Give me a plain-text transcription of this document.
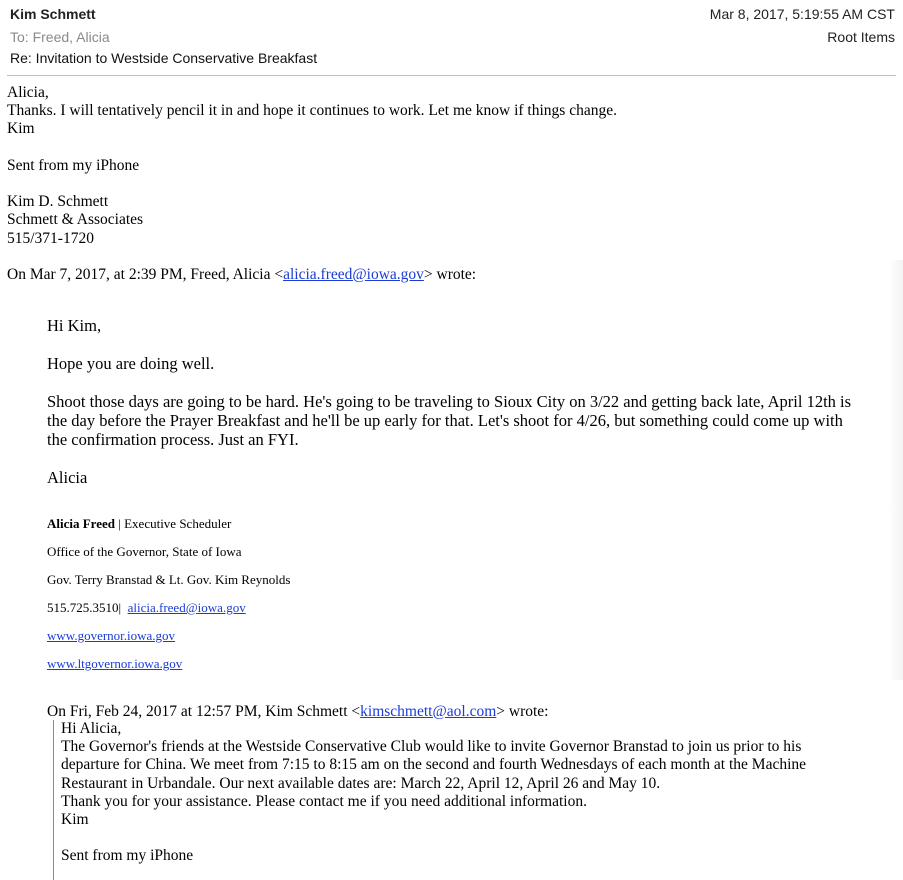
Kim Schmett
To: Freed, Alicia
Re: Invitation to Westside Conservative Breakfast
Mar 8, 2017, 5:19:55 AM CST
Root Items

Alicia,

Thanks. I will tentatively pencil it in and hope it continues to work. Let me know if things change.

Kim

Sent from my iPhone

Kim D. Schmett

Schmett & Associates

515/371-1720

On Mar 7, 2017, at 2:39 PM, Freed, Alicia <alicia.freed@iowa.gov> wrote:

Hi Kim,

Hope you are doing well.

Shoot those days are going to be hard. He's going to be traveling to Sioux City on 3/22 and getting back late, April 12th is the day before the Prayer Breakfast and he'll be up early for that. Let's shoot for 4/26, but something could come up with the confirmation process. Just an FYI.

Alicia

Alicia Freed | Executive Scheduler
Office of the Governor, State of Iowa
Gov. Terry Branstad & Lt. Gov. Kim Reynolds
515.725.3510| alicia.freed@iowa.gov
www.governor.iowa.gov
www.ltgovernor.iowa.gov
On Fri, Feb 24, 2017 at 12:57 PM, Kim Schmett <kimschmett@aol.com> wrote:

Hi Alicia,

The Governor's friends at the Westside Conservative Club would like to invite Governor Branstad to join us prior to his departure for China. We meet from 7:15 to 8:15 am on the second and fourth Wednesdays of each month at the Machine Restaurant in Urbandale. Our next available dates are: March 22, April 12, April 26 and May 10.

Thank you for your assistance. Please contact me if you need additional information.

Kim

Sent from my iPhone
